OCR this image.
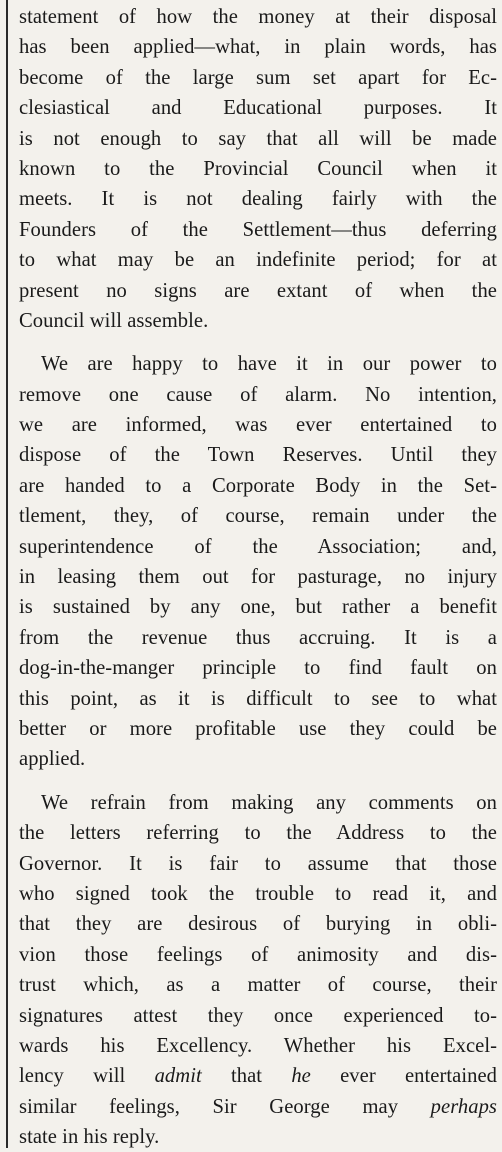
statement of how the money at their disposal
has been applied—what, in plain words, has
become of the large sum set apart for Ec-
clesiastical and Educational purposes. It
is not enough to say that all will be made
known to the Provincial Council when it
meets. It is not dealing fairly with the
Founders of the Settlement—thus deferring
to what may be an indefinite period; for at
present no signs are extant of when the
Council will assemble.
We are happy to have it in our power to
remove one cause of alarm. No intention,
we are informed, was ever entertained to
dispose of the Town Reserves. Until they
are handed to a Corporate Body in the Set-
tlement, they, of course, remain under the
superintendence of the Association; and,
in leasing them out for pasturage, no injury
is sustained by any one, but rather a benefit
from the revenue thus accruing. It is a
dog-in-the-manger principle to find fault on
this point, as it is difficult to see to what
better or more profitable use they could be
applied.
We refrain from making any comments on
the letters referring to the Address to the
Governor. It is fair to assume that those
who signed took the trouble to read it, and
that they are desirous of burying in obli-
vion those feelings of animosity and dis-
trust which, as a matter of course, their
signatures attest they once experienced to-
wards his Excellency. Whether his Excel-
lency will admit that he ever entertained
similar feelings, Sir George may perhaps
state in his reply.
